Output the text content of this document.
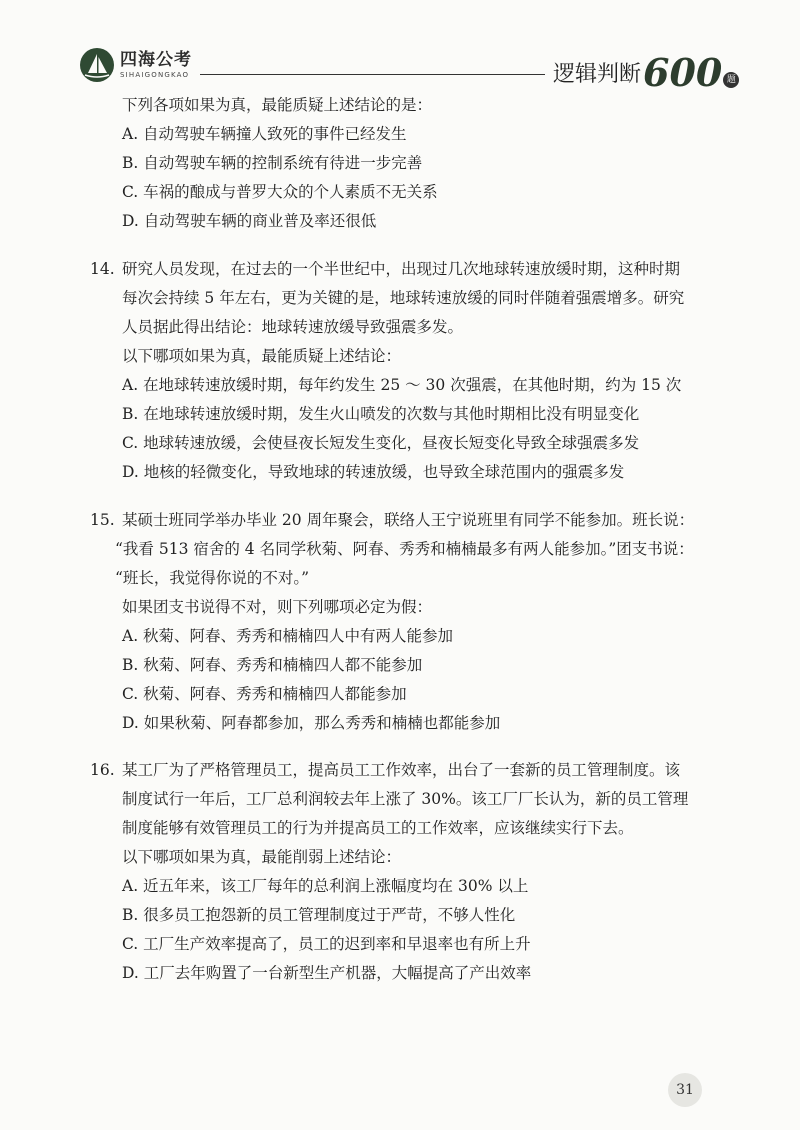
四海公考
SIHAIGONGKAO	逻辑判断 600 题
下列各项如果为真，最能质疑上述结论的是：
A. 自动驾驶车辆撞人致死的事件已经发生
B. 自动驾驶车辆的控制系统有待进一步完善
C. 车祸的酿成与普罗大众的个人素质不无关系
D. 自动驾驶车辆的商业普及率还很低
14. 研究人员发现，在过去的一个半世纪中，出现过几次地球转速放缓时期，这种时期
每次会持续 5 年左右，更为关键的是，地球转速放缓的同时伴随着强震增多。研究
人员据此得出结论：地球转速放缓导致强震多发。
以下哪项如果为真，最能质疑上述结论：
A. 在地球转速放缓时期，每年约发生 25 ～ 30 次强震，在其他时期，约为 15 次
B. 在地球转速放缓时期，发生火山喷发的次数与其他时期相比没有明显变化
C. 地球转速放缓，会使昼夜长短发生变化，昼夜长短变化导致全球强震多发
D. 地核的轻微变化，导致地球的转速放缓，也导致全球范围内的强震多发
15. 某硕士班同学举办毕业 20 周年聚会，联络人王宁说班里有同学不能参加。班长说：
“我看 513 宿舍的 4 名同学秋菊、阿春、秀秀和楠楠最多有两人能参加。”团支书说：
“班长，我觉得你说的不对。”
如果团支书说得不对，则下列哪项必定为假：
A. 秋菊、阿春、秀秀和楠楠四人中有两人能参加
B. 秋菊、阿春、秀秀和楠楠四人都不能参加
C. 秋菊、阿春、秀秀和楠楠四人都能参加
D. 如果秋菊、阿春都参加，那么秀秀和楠楠也都能参加
16. 某工厂为了严格管理员工，提高员工工作效率，出台了一套新的员工管理制度。该
制度试行一年后，工厂总利润较去年上涨了 30%。该工厂厂长认为，新的员工管理
制度能够有效管理员工的行为并提高员工的工作效率，应该继续实行下去。
以下哪项如果为真，最能削弱上述结论：
A. 近五年来，该工厂每年的总利润上涨幅度均在 30% 以上
B. 很多员工抱怨新的员工管理制度过于严苛，不够人性化
C. 工厂生产效率提高了，员工的迟到率和早退率也有所上升
D. 工厂去年购置了一台新型生产机器，大幅提高了产出效率
31
